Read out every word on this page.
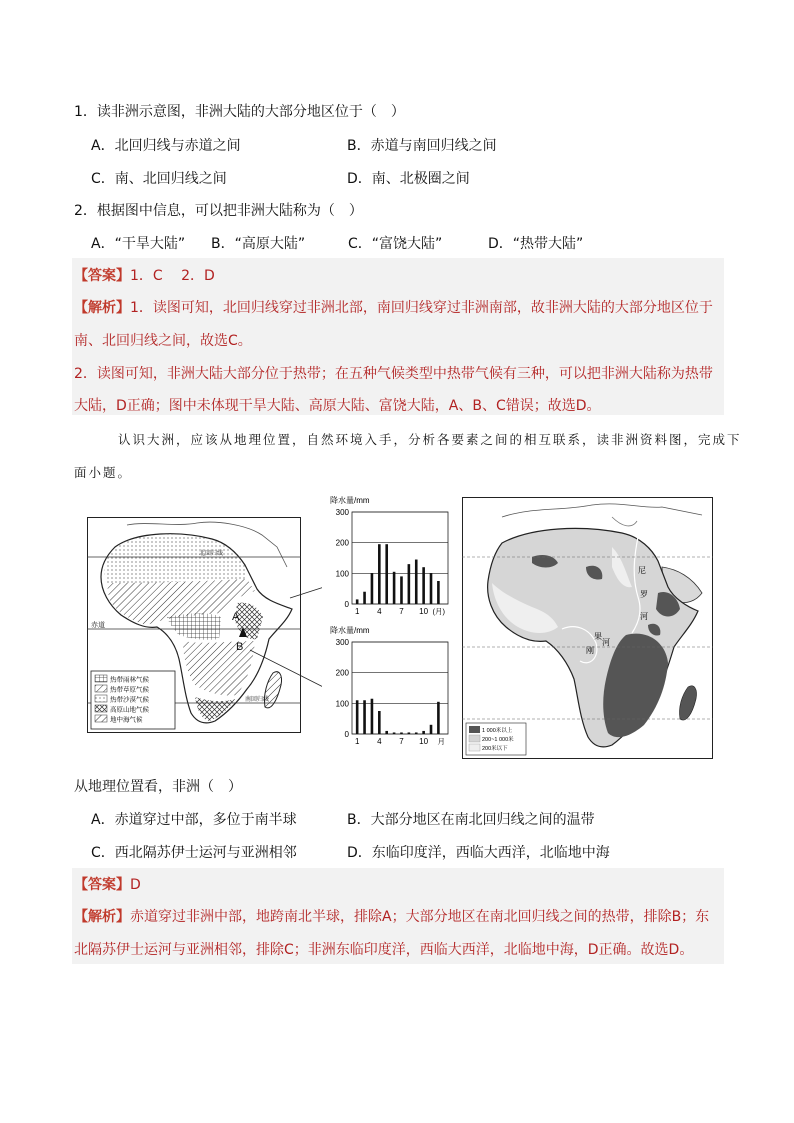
1．读非洲示意图，非洲大陆的大部分地区位于（　）
A．北回归线与赤道之间	B．赤道与南回归线之间
C．南、北回归线之间	D．南、北极圈之间
2．根据图中信息，可以把非洲大陆称为（　）
A．“干旱大陆” B．“高原大陆”	C．“富饶大陆”	D．“热带大陆”
【答案】1．C　 2．D
【解析】1．读图可知，北回归线穿过非洲北部，南回归线穿过非洲南部，故非洲大陆的大部分地区位于
南、北回归线之间，故选C。
2．读图可知，非洲大陆大部分位于热带；在五种气候类型中热带气候有三种，可以把非洲大陆称为热带
大陆，D正确；图中未体现干旱大陆、高原大陆、富饶大陆，A、B、C错误；故选D。
认识大洲，应该从地理位置，自然环境入手，分析各要素之间的相互联系，读非洲资料图，完成下
面小题。
北回归线
赤道
南回归线
A
B
热带雨林气候
热带草原气候
热带沙漠气候
高原山地气候
地中海气候
降水量/mm
0
100
200
300
1 4 7 10 (月)
降水量/mm
0
100
200
300
1 4 7 10 月
尼
罗
河
刚
果
河
1 000米以上
200~1 000米
200米以下
从地理位置看，非洲（　）
A．赤道穿过中部，多位于南半球	B．大部分地区在南北回归线之间的温带
C．西北隔苏伊士运河与亚洲相邻	D．东临印度洋，西临大西洋，北临地中海
【答案】D
【解析】赤道穿过非洲中部，地跨南北半球，排除A；大部分地区在南北回归线之间的热带，排除B；东
北隔苏伊士运河与亚洲相邻，排除C；非洲东临印度洋，西临大西洋，北临地中海，D正确。故选D。
